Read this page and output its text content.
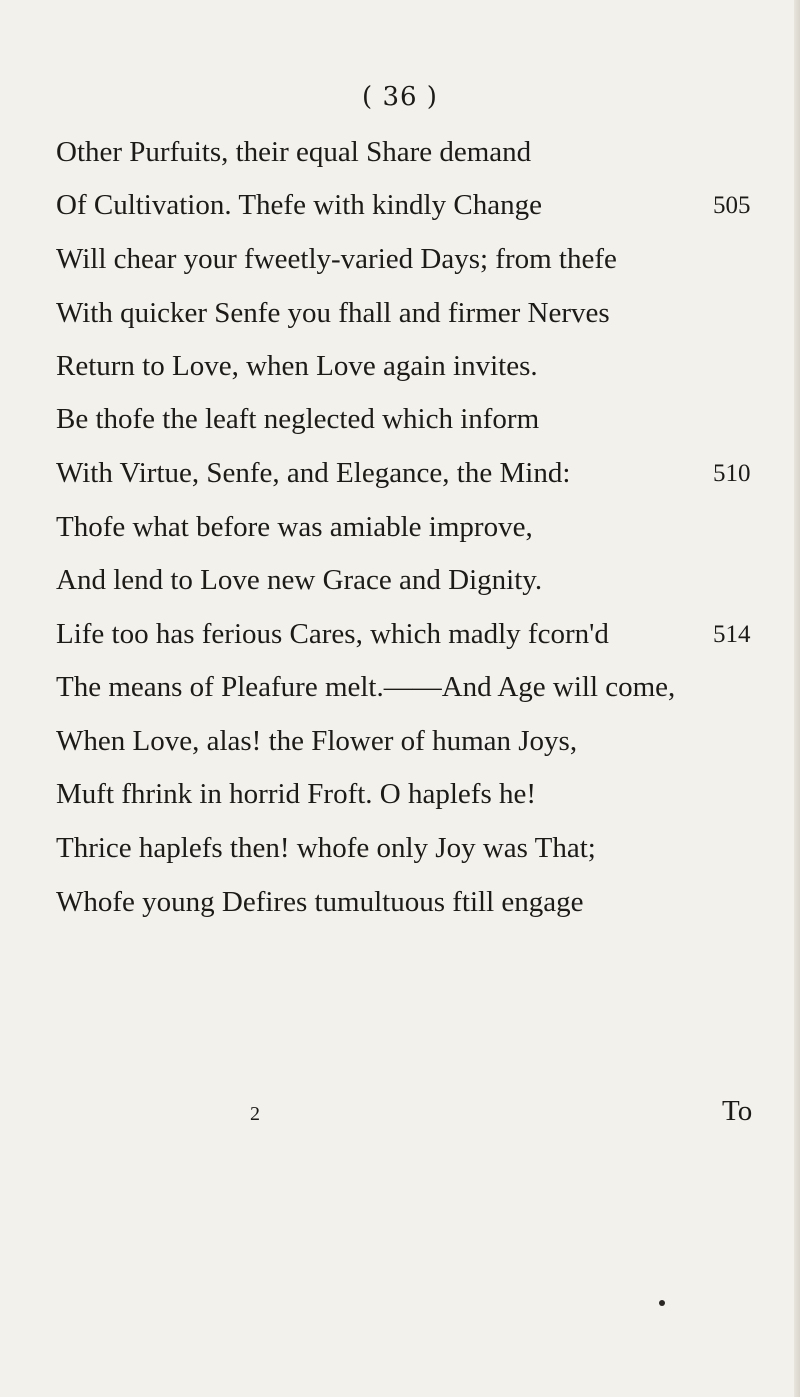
( 36 )
Other Purfuits, their equal Share demand
Of Cultivation. Thefe with kindly Change	505
Will chear your fweetly-varied Days; from thefe
With quicker Senfe you fhall and firmer Nerves
Return to Love, when Love again invites.
Be thofe the leaft neglected which inform
With Virtue, Senfe, and Elegance, the Mind:	510
Thofe what before was amiable improve,
And lend to Love new Grace and Dignity.
Life too has ferious Cares, which madly fcorn'd	514
The means of Pleafure melt.——And Age will come,
When Love, alas! the Flower of human Joys,
Muft fhrink in horrid Froft. O haplefs he!
Thrice haplefs then! whofe only Joy was That;
Whofe young Defires tumultuous ftill engage
2	To
